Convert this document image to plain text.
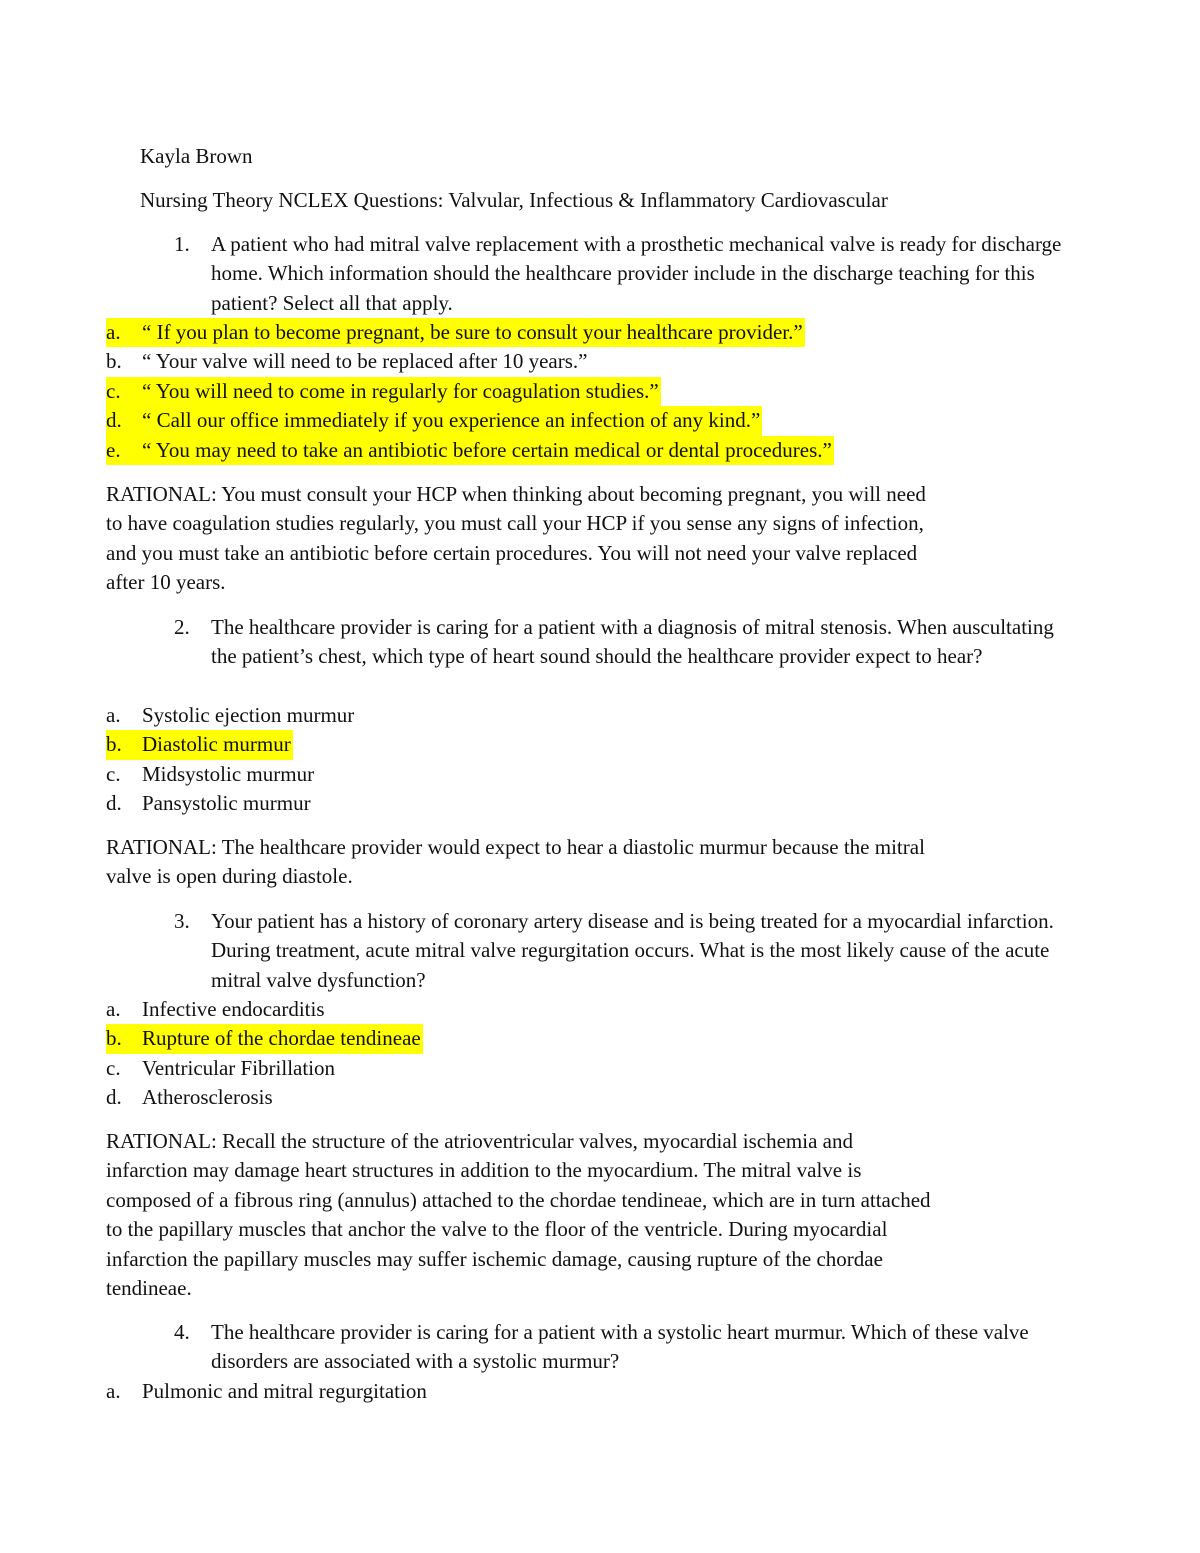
Kayla Brown
Nursing Theory NCLEX Questions: Valvular, Infectious & Inflammatory Cardiovascular
1. A patient who had mitral valve replacement with a prosthetic mechanical valve is ready for discharge home. Which information should the healthcare provider include in the discharge teaching for this patient? Select all that apply.
a.	“ If you plan to become pregnant, be sure to consult your healthcare provider.”
b. “ Your valve will need to be replaced after 10 years.”
c.	“ You will need to come in regularly for coagulation studies.”
d. “ Call our office immediately if you experience an infection of any kind.”
e.	“ You may need to take an antibiotic before certain medical or dental procedures.”
RATIONAL: You must consult your HCP when thinking about becoming pregnant, you will need to have coagulation studies regularly, you must call your HCP if you sense any signs of infection, and you must take an antibiotic before certain procedures. You will not need your valve replaced after 10 years.
2. The healthcare provider is caring for a patient with a diagnosis of mitral stenosis. When auscultating the patient’s chest, which type of heart sound should the healthcare provider expect to hear?
a. Systolic ejection murmur
b. Diastolic murmur
c. Midsystolic murmur
d. Pansystolic murmur
RATIONAL: The healthcare provider would expect to hear a diastolic murmur because the mitral valve is open during diastole.
3. Your patient has a history of coronary artery disease and is being treated for a myocardial infarction. During treatment, acute mitral valve regurgitation occurs. What is the most likely cause of the acute mitral valve dysfunction?
a. Infective endocarditis
b. Rupture of the chordae tendineae
c. Ventricular Fibrillation
d. Atherosclerosis
RATIONAL: Recall the structure of the atrioventricular valves, myocardial ischemia and infarction may damage heart structures in addition to the myocardium. The mitral valve is composed of a fibrous ring (annulus) attached to the chordae tendineae, which are in turn attached to the papillary muscles that anchor the valve to the floor of the ventricle. During myocardial infarction the papillary muscles may suffer ischemic damage, causing rupture of the chordae tendineae.
4. The healthcare provider is caring for a patient with a systolic heart murmur. Which of these valve disorders are associated with a systolic murmur?
a. Pulmonic and mitral regurgitation
